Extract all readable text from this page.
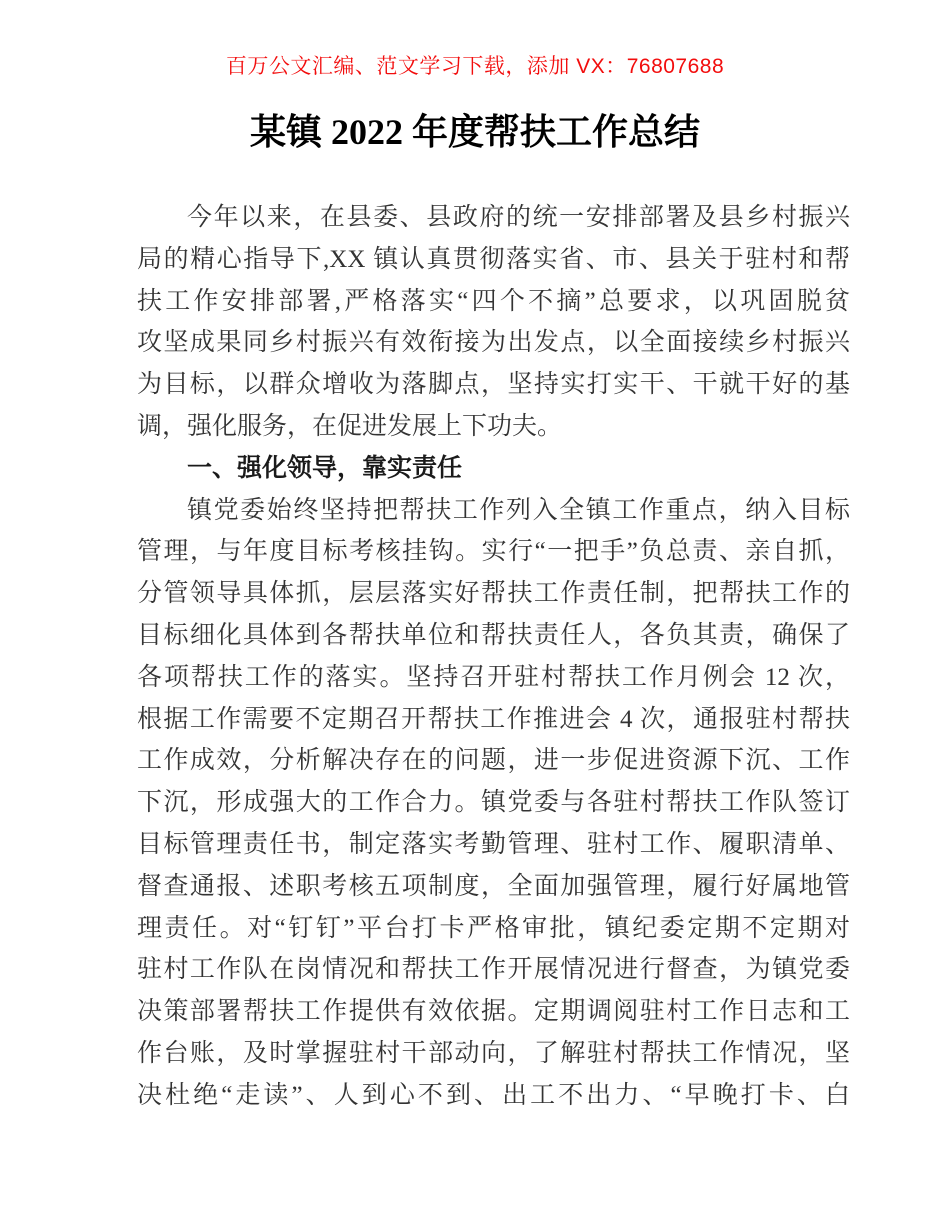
百万公文汇编、范文学习下载，添加 VX：76807688
某镇 2022 年度帮扶工作总结
今年以来，在县委、县政府的统一安排部署及县乡村振兴
局的精心指导下,XX 镇认真贯彻落实省、市、县关于驻村和帮
扶工作安排部署,严格落实“四个不摘”总要求，以巩固脱贫
攻坚成果同乡村振兴有效衔接为出发点，以全面接续乡村振兴
为目标，以群众增收为落脚点，坚持实打实干、干就干好的基
调，强化服务，在促进发展上下功夫。
一、强化领导，靠实责任
镇党委始终坚持把帮扶工作列入全镇工作重点，纳入目标
管理，与年度目标考核挂钩。实行“一把手”负总责、亲自抓，
分管领导具体抓，层层落实好帮扶工作责任制，把帮扶工作的
目标细化具体到各帮扶单位和帮扶责任人，各负其责，确保了
各项帮扶工作的落实。坚持召开驻村帮扶工作月例会 12 次，
根据工作需要不定期召开帮扶工作推进会 4 次，通报驻村帮扶
工作成效，分析解决存在的问题，进一步促进资源下沉、工作
下沉，形成强大的工作合力。镇党委与各驻村帮扶工作队签订
目标管理责任书，制定落实考勤管理、驻村工作、履职清单、
督查通报、述职考核五项制度，全面加强管理，履行好属地管
理责任。对“钉钉”平台打卡严格审批，镇纪委定期不定期对
驻村工作队在岗情况和帮扶工作开展情况进行督查，为镇党委
决策部署帮扶工作提供有效依据。定期调阅驻村工作日志和工
作台账，及时掌握驻村干部动向，了解驻村帮扶工作情况，坚
决杜绝“走读”、人到心不到、出工不出力、“早晚打卡、白
